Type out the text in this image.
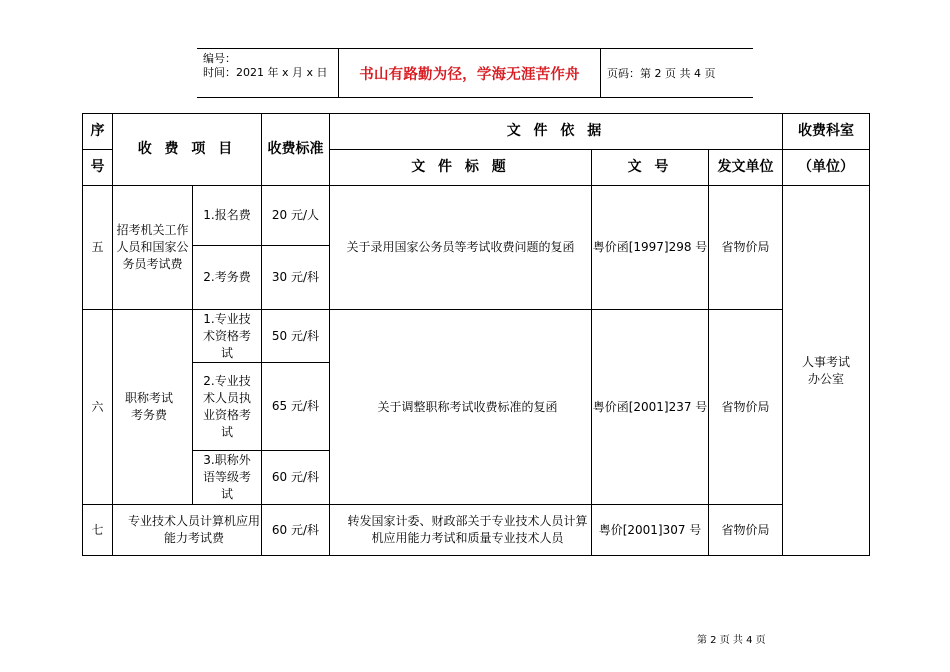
编号：
时间：2021 年 x 月 x 日 书山有路勤为径，学海无涯苦作舟 页码：第 2 页 共 4 页
序	收 费 项 目		收费标准	文 件 依 据			收费科室
号				文 件 标 题	文 号	发文单位	（单位）
五	招考机关工作人员和国家公务员考试费	1.报名费	20 元/人	关于录用国家公务员等考试收费问题的复函	粤价函[1997]298 号	省物价局	人事考试办公室

		2.考务费	30 元/科				
六	职称考试考务费	1.专业技术资格考试	50 元/科	关于调整职称考试收费标准的复函	粤价函[2001]237 号	省物价局	

		2.专业技术人员执业资格考试	65 元/科				

		3.职称外语等级考试	60 元/科				
七	专业技术人员计算机应用能力考试费		60 元/科	转发国家计委、财政部关于专业技术人员计算机应用能力考试和质量专业技术人员	粤价[2001]307 号	省物价局	
第 2 页 共 4 页
